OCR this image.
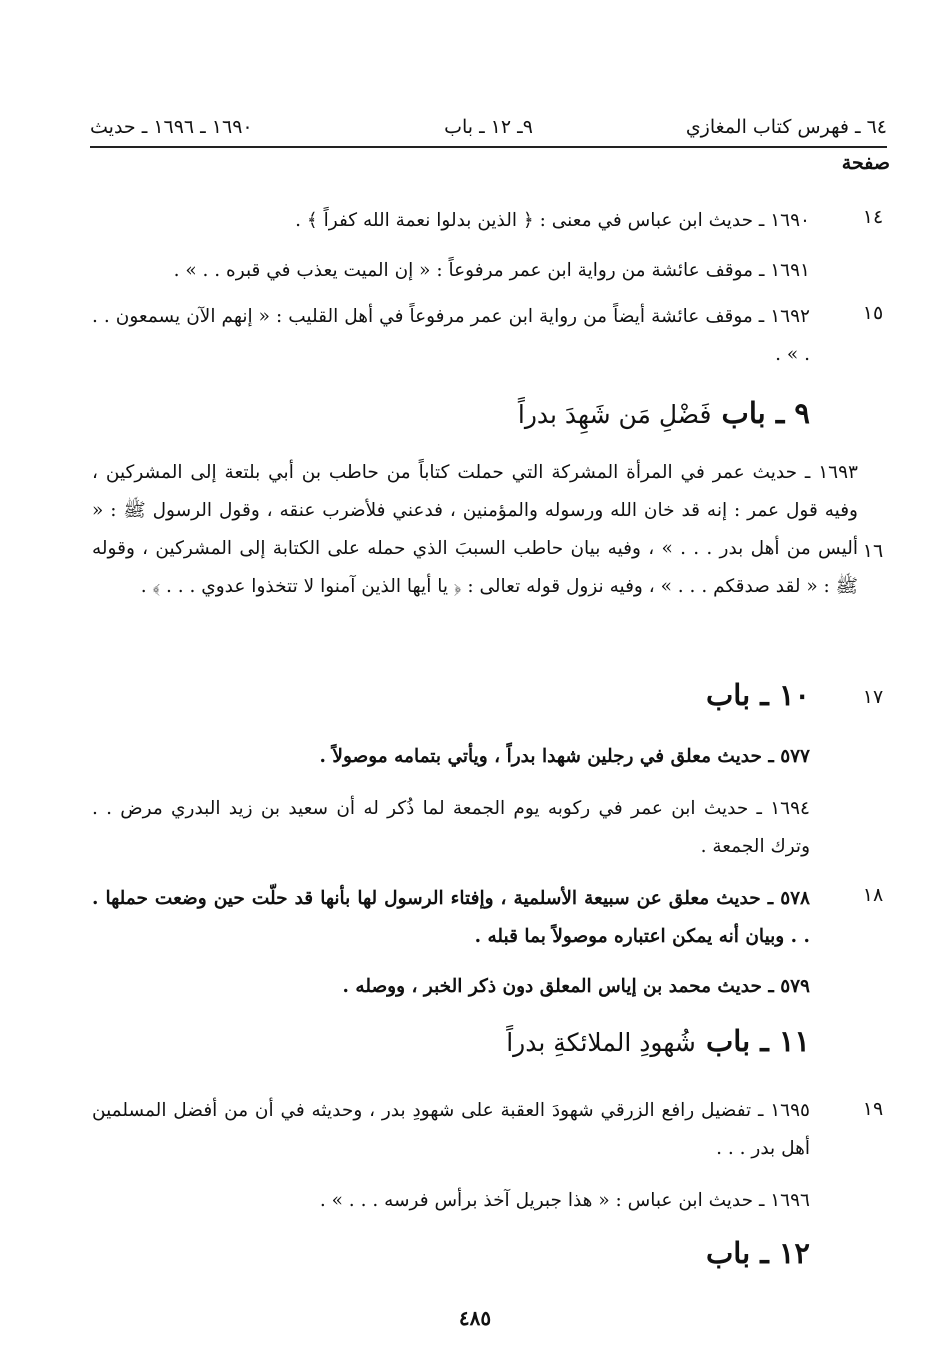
٦٤ ـ فهرس كتاب المغازي
٩ـ ١٢ ـ باب
١٦٩٠ ـ ١٦٩٦ ـ حديث
صفحة
١٤
١٦٩٠ ـ حديث ابن عباس في معنى : ﴿ الذين بدلوا نعمة الله كفراً ﴾ .
١٦٩١ ـ موقف عائشة من رواية ابن عمر مرفوعاً : « إن الميت يعذب في قبره . . » .
١٥
١٦٩٢ ـ موقف عائشة أيضاً من رواية ابن عمر مرفوعاً في أهل القليب : « إنهم الآن يسمعون . . . » .
٩ ـ باب فَضْلِ مَن شَهِدَ بدراً
١٦
١٦٩٣ ـ حديث عمر في المرأة المشركة التي حملت كتاباً من حاطب بن أبي بلتعة إلى المشركين ، وفيه قول عمر : إنه قد خان الله ورسوله والمؤمنين ، فدعني فلأضرب عنقه ، وقول الرسول ﷺ : « أليس من أهل بدر . . . » ، وفيه بيان حاطب السببَ الذي حمله على الكتابة إلى المشركين ، وقوله ﷺ : « لقد صدقكم . . . » ، وفيه نزول قوله تعالى : ﴿ يا أيها الذين آمنوا لا تتخذوا عدوي . . . ﴾ .
١٧
١٠ ـ باب
٥٧٧ ـ حديث معلق في رجلين شهدا بدراً ، ويأتي بتمامه موصولاً .
١٦٩٤ ـ حديث ابن عمر في ركوبه يوم الجمعة لما ذُكر له أن سعيد بن زيد البدري مرض . . وترك الجمعة .
١٨
٥٧٨ ـ حديث معلق عن سبيعة الأسلمية ، وإفتاء الرسول لها بأنها قد حلّت حين وضعت حملها . . . وبيان أنه يمكن اعتباره موصولاً بما قبله .
٥٧٩ ـ حديث محمد بن إياس المعلق دون ذكر الخبر ، ووصله .
١١ ـ باب شُهودِ الملائكةِ بدراً
١٩
١٦٩٥ ـ تفضيل رافع الزرقي شهودَ العقبة على شهودِ بدر ، وحديثه في أن من أفضل المسلمين أهل بدر . . .
١٦٩٦ ـ حديث ابن عباس : « هذا جبريل آخذ برأس فرسه . . . » .
١٢ ـ باب
٤٨٥
